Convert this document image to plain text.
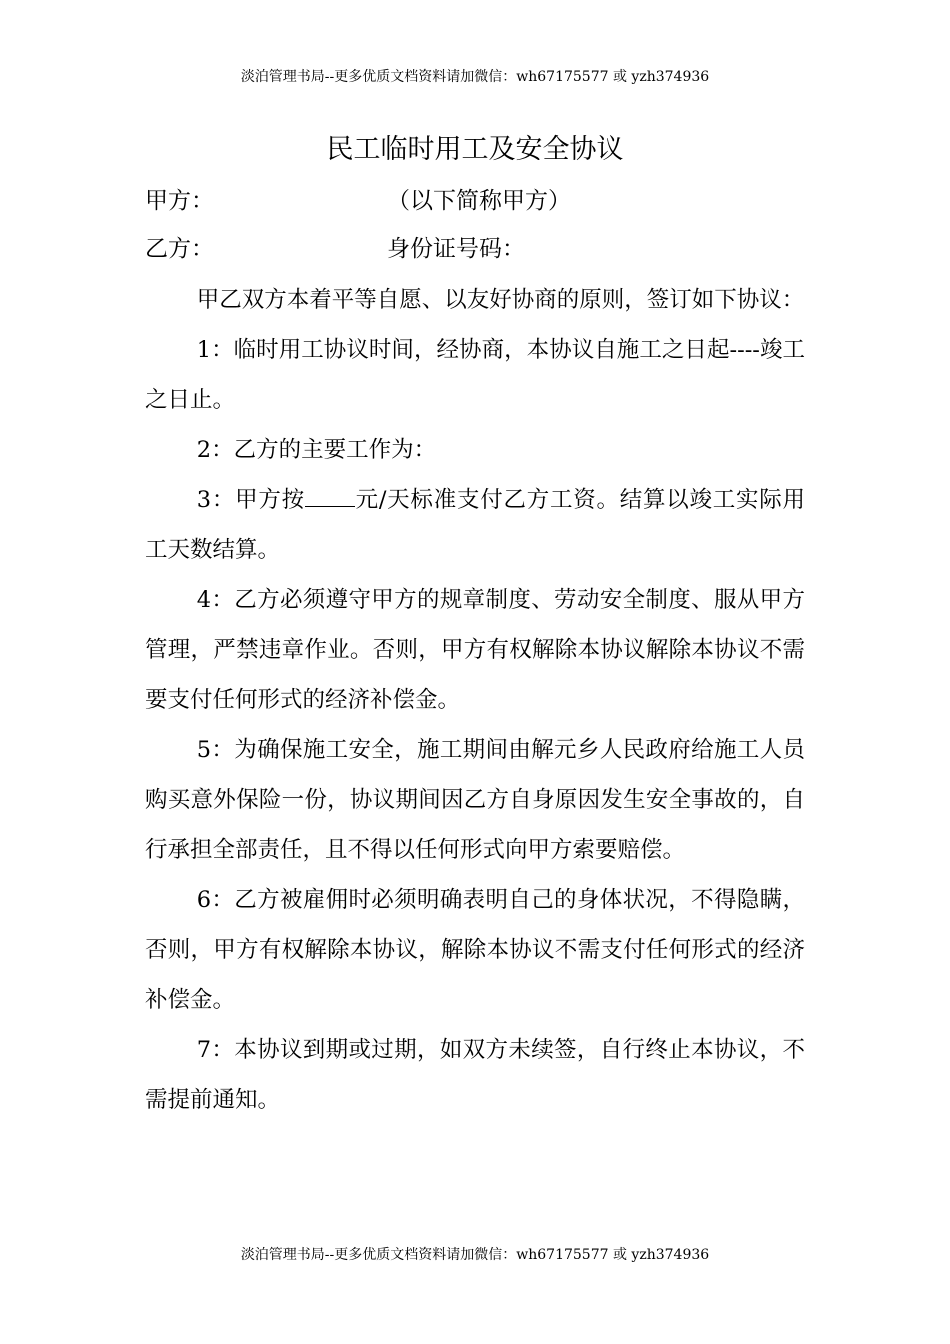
淡泊管理书局--更多优质文档资料请加微信：wh67175577 或 yzh374936
民工临时用工及安全协议
甲方：	（以下简称甲方）
乙方：	身份证号码：

甲乙双方本着平等自愿、以友好协商的原则，签订如下协议：

1：临时用工协议时间，经协商，本协议自施工之日起----竣工之日止。

2：乙方的主要工作为：

3：甲方按 元/天标准支付乙方工资。结算以竣工实际用工天数结算。

4：乙方必须遵守甲方的规章制度、劳动安全制度、服从甲方管理，严禁违章作业。否则，甲方有权解除本协议解除本协议不需要支付任何形式的经济补偿金。

5：为确保施工安全，施工期间由解元乡人民政府给施工人员购买意外保险一份，协议期间因乙方自身原因发生安全事故的，自行承担全部责任，且不得以任何形式向甲方索要赔偿。

6：乙方被雇佣时必须明确表明自己的身体状况，不得隐瞒，否则，甲方有权解除本协议，解除本协议不需支付任何形式的经济补偿金。

7：本协议到期或过期，如双方未续签，自行终止本协议，不需提前通知。

淡泊管理书局--更多优质文档资料请加微信：wh67175577 或 yzh374936
